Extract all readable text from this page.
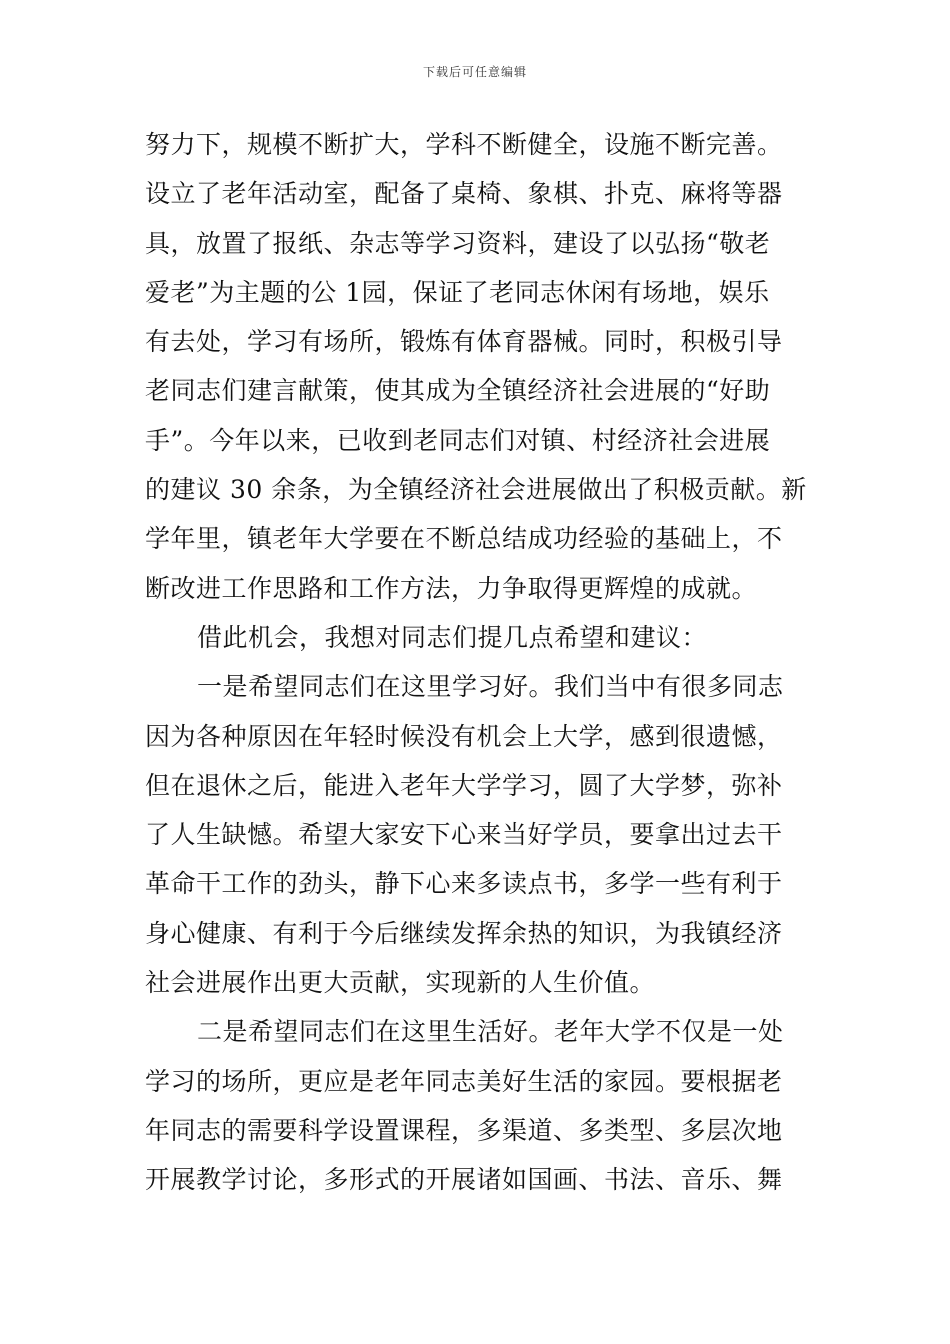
下载后可任意编辑
努力下，规模不断扩大，学科不断健全，设施不断完善。
设立了老年活动室，配备了桌椅、象棋、扑克、麻将等器
具，放置了报纸、杂志等学习资料，建设了以弘扬“敬老
爱老”为主题的公 1园，保证了老同志休闲有场地，娱乐
有去处，学习有场所，锻炼有体育器械。同时，积极引导
老同志们建言献策，使其成为全镇经济社会进展的“好助
手”。今年以来，已收到老同志们对镇、村经济社会进展
的建议 30 余条，为全镇经济社会进展做出了积极贡献。新
学年里，镇老年大学要在不断总结成功经验的基础上，不
断改进工作思路和工作方法，力争取得更辉煌的成就。
借此机会，我想对同志们提几点希望和建议：
一是希望同志们在这里学习好。我们当中有很多同志
因为各种原因在年轻时候没有机会上大学，感到很遗憾，
但在退休之后，能进入老年大学学习，圆了大学梦，弥补
了人生缺憾。希望大家安下心来当好学员，要拿出过去干
革命干工作的劲头，静下心来多读点书，多学一些有利于
身心健康、有利于今后继续发挥余热的知识，为我镇经济
社会进展作出更大贡献，实现新的人生价值。
二是希望同志们在这里生活好。老年大学不仅是一处
学习的场所，更应是老年同志美好生活的家园。要根据老
年同志的需要科学设置课程，多渠道、多类型、多层次地
开展教学讨论，多形式的开展诸如国画、书法、音乐、舞
